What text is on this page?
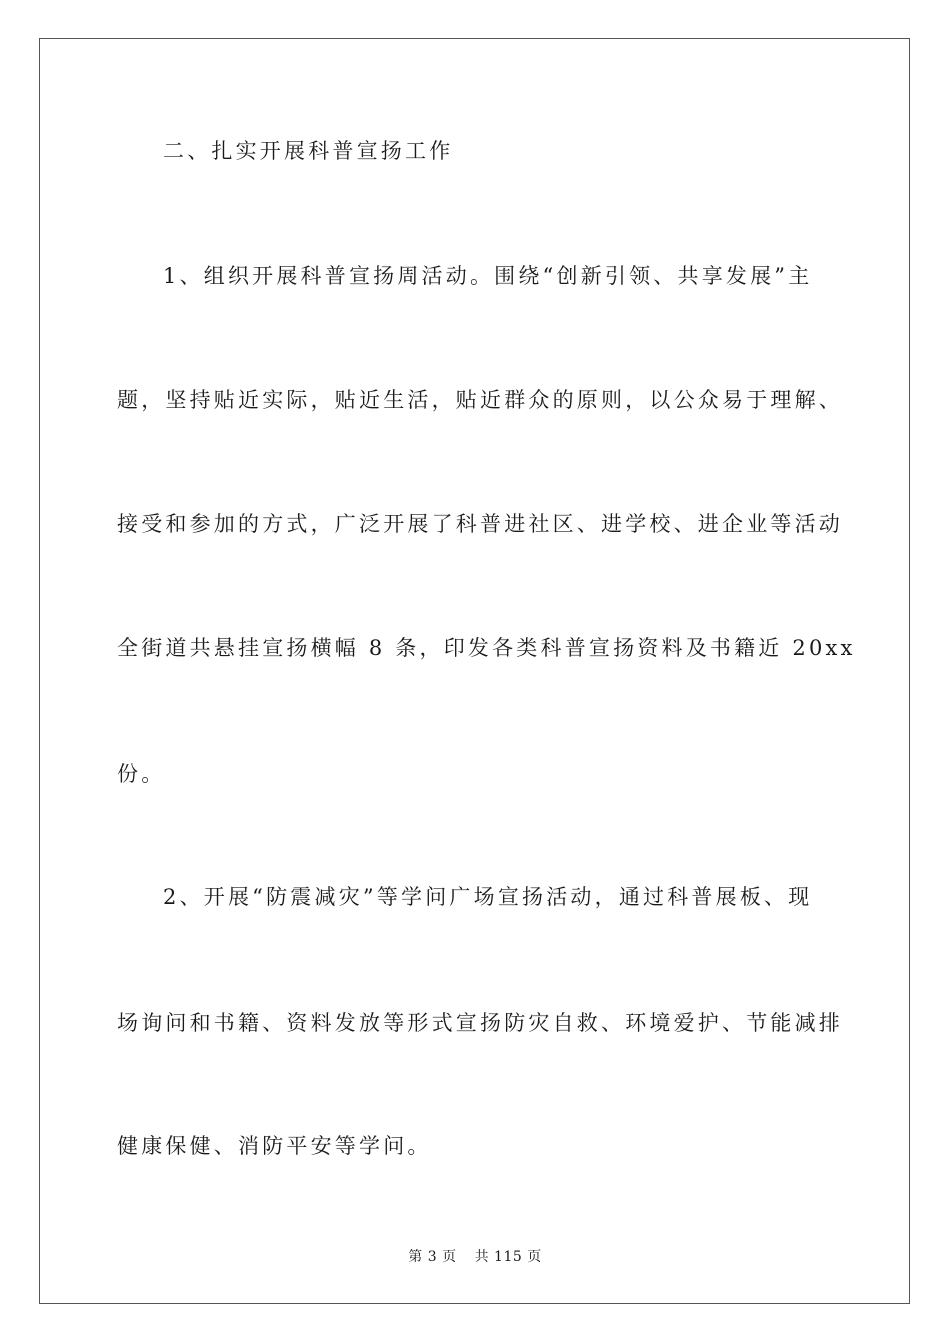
二、扎实开展科普宣扬工作
1、组织开展科普宣扬周活动。围绕“创新引领、共享发展”主
题，坚持贴近实际，贴近生活，贴近群众的原则，以公众易于理解、
接受和参加的方式，广泛开展了科普进社区、进学校、进企业等活动
全街道共悬挂宣扬横幅 8 条，印发各类科普宣扬资料及书籍近 20xx
份。
2、开展“防震减灾”等学问广场宣扬活动，通过科普展板、现
场询问和书籍、资料发放等形式宣扬防灾自救、环境爱护、节能减排
健康保健、消防平安等学问。
第 3 页 共 115 页
